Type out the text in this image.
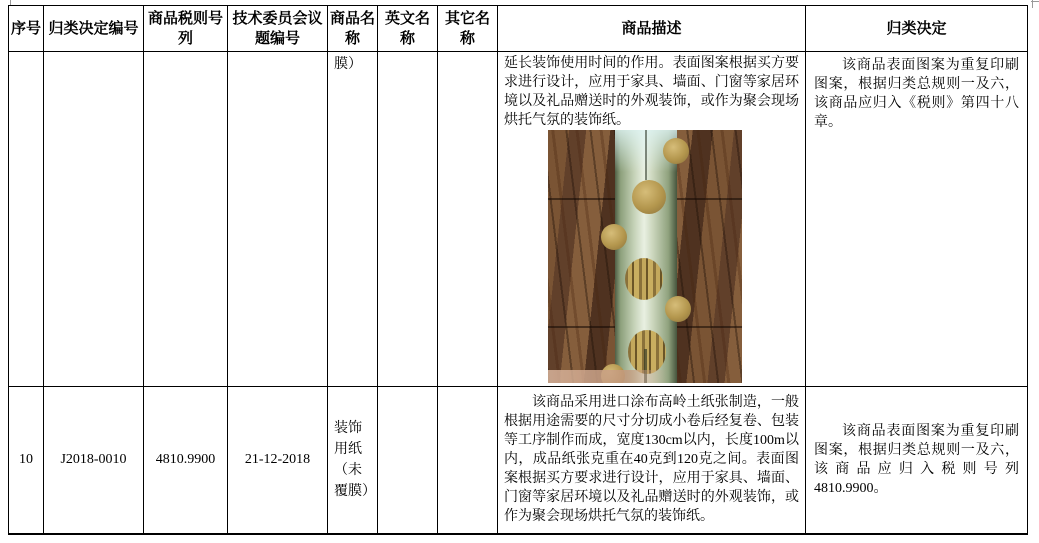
序号	归类决定编号	商品税则号列	技术委员会议题编号	商品名称	英文名称	其它名称	商品描述	归类决定
				膜）			延长装饰使用时间的作用。表面图案根据买方要求进行设计，应用于家具、墙面、门窗等家居环境以及礼品赠送时的外观装饰，或作为聚会现场烘托气氛的装饰纸。	该商品表面图案为重复印刷图案，根据归类总规则一及六，该商品应归入《税则》第四十八章。

10	J2018-0010	4810.9900	21-12-2018	装饰用纸（未覆膜）			该商品采用进口涂布高岭土纸张制造，一般根据用途需要的尺寸分切成小卷后经复卷、包装等工序制作而成，宽度130cm以内，长度100m以内，成品纸张克重在40克到120克之间。表面图案根据买方要求进行设计，应用于家具、墙面、门窗等家居环境以及礼品赠送时的外观装饰，或作为聚会现场烘托气氛的装饰纸。	该商品表面图案为重复印刷图案，根据归类总规则一及六，该商品应归入税则号列4810.9900。
